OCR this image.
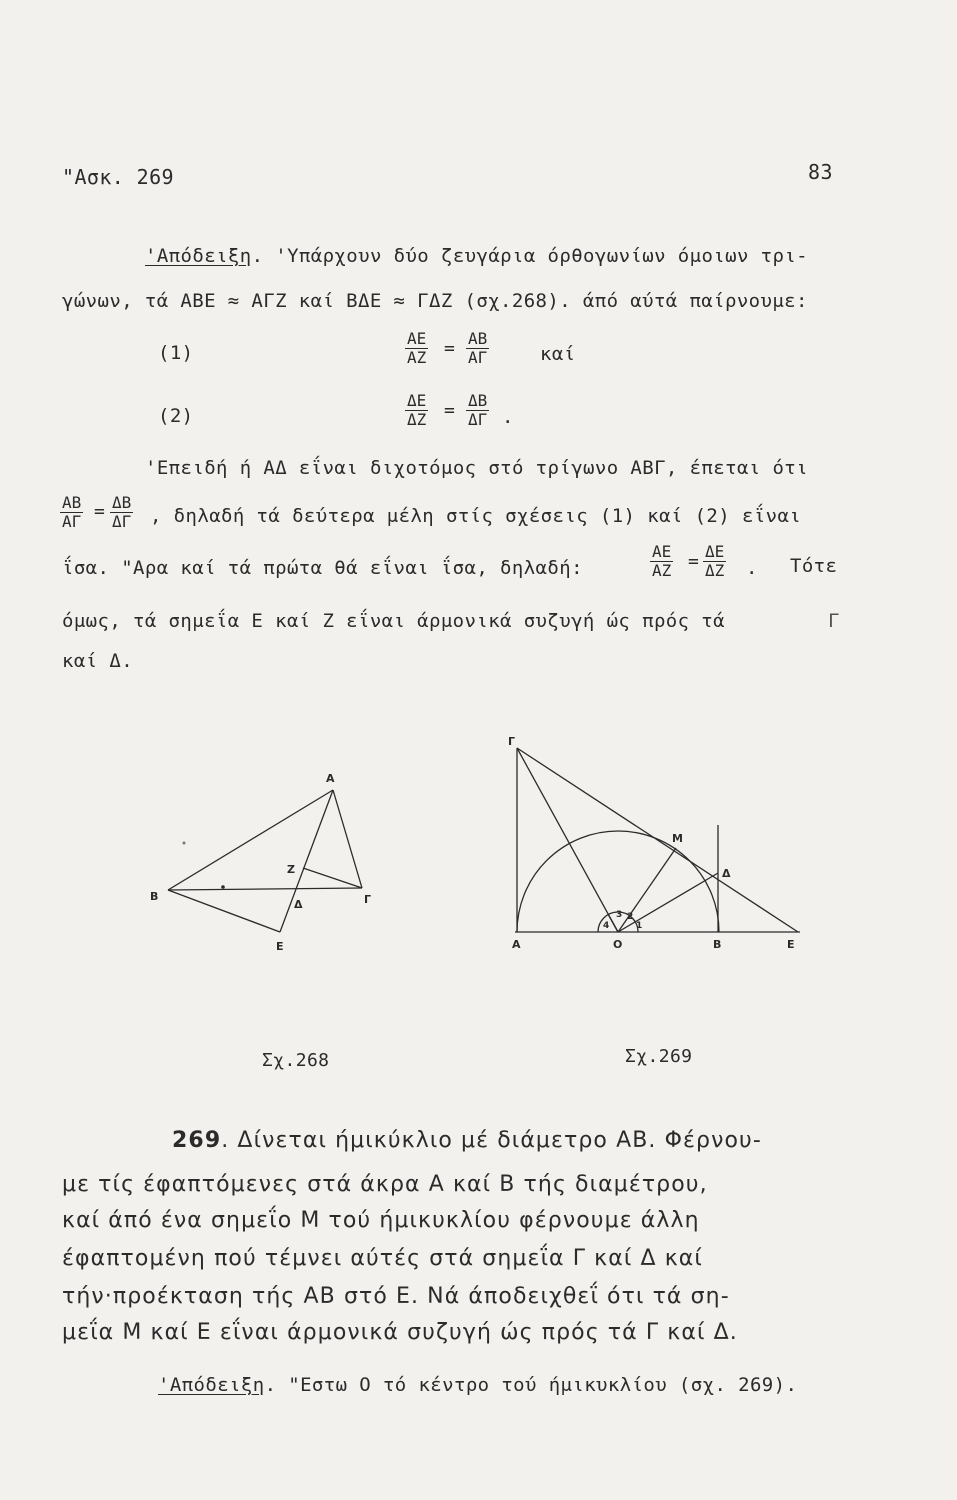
"Ασκ. 269	83
'Απόδειξη. 'Υπάρχουν δύο ζευγάρια όρθογωνίων όμοιων τρι-
γώνων, τά ΑΒΕ ≈ ΑΓΖ καί ΒΔΕ ≈ ΓΔΖ (σχ.268). άπό αύτά παίρνουμε:
(1)	$\frac{AE}{AZ} = \frac{AB}{A\Gamma}$	καί
(2)	$\frac{\Delta E}{\Delta Z} = \frac{\Delta B}{\Delta\Gamma}$ .
'Επειδή ή ΑΔ εΐναι διχοτόμος στό τρίγωνο ΑΒΓ, έπεται ότι
$\frac{AB}{A\Gamma} = \frac{\Delta B}{\Delta\Gamma}$ , δηλαδή τά δεύτερα μέλη στίς σχέσεις (1) καί (2) εΐναι
ΐσα. "Αρα καί τά πρώτα θά εΐναι ΐσα, δηλαδή:	$\frac{AE}{AZ} = \frac{\Delta E}{\Delta Z}$ . Τότε
όμως, τά σημεΐα Ε καί Ζ εΐναι άρμονικά συζυγή ώς πρός τά	Γ
καί Δ.
Α
Β	Γ
Δ
Ε
Ζ
Γ
Μ
Δ
Α	Ο	Β	Ε
1
2
3
4
Σχ.268	Σχ.269
269. Δίνεται ήμικύκλιο μέ διάμετρο ΑΒ. Φέρνου-
με τίς έφαπτόμενες στά άκρα Α καί Β τής διαμέτρου,
καί άπό ένα σημεΐο Μ τού ήμικυκλίου φέρνουμε άλλη
έφαπτομένη πού τέμνει αύτές στά σημεΐα Γ καί Δ καί
τήν·προέκταση τής ΑΒ στό Ε. Νά άποδειχθεΐ ότι τά ση-
μεΐα Μ καί Ε εΐναι άρμονικά συζυγή ώς πρός τά Γ καί Δ.
'Απόδειξη. "Εστω Ο τό κέντρο τού ήμικυκλίου (σχ. 269).
